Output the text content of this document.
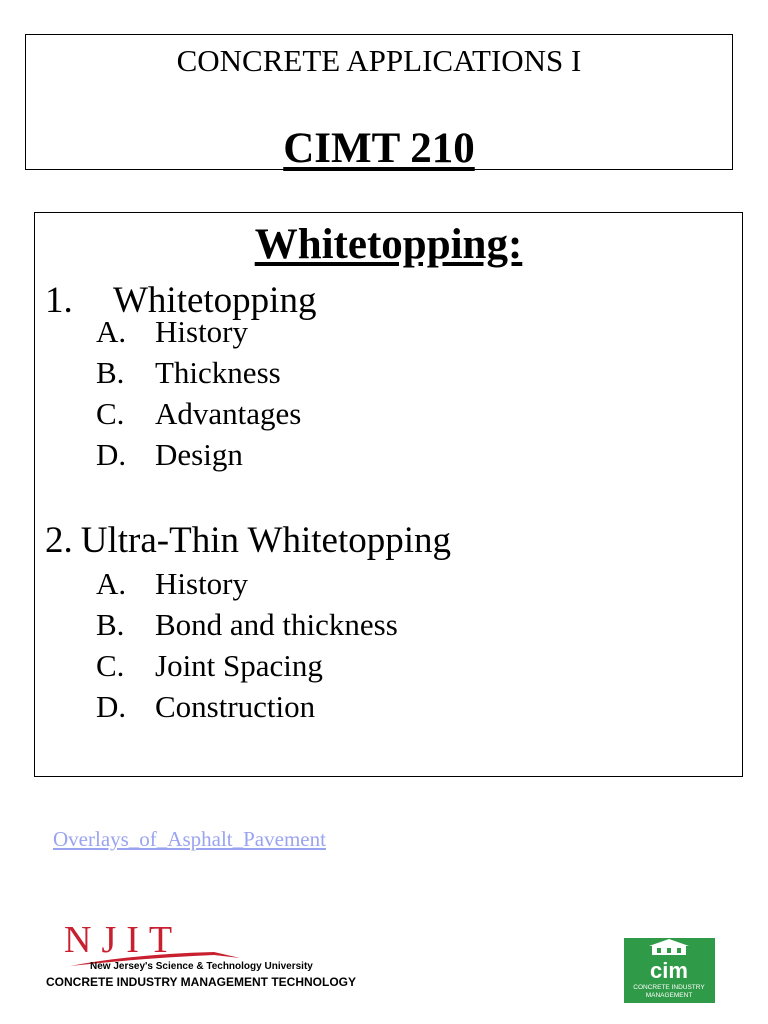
CONCRETE APPLICATIONS I
CIMT 210
Whitetopping:
1. Whitetopping
A. History
B. Thickness
C. Advantages
D. Design
2. Ultra-Thin Whitetopping
A. History
B. Bond and thickness
C. Joint Spacing
D. Construction
Overlays_of_Asphalt_Pavement
NJIT
New Jersey's Science & Technology University
CONCRETE INDUSTRY MANAGEMENT TECHNOLOGY	cim
CONCRETE INDUSTRY
MANAGEMENT
